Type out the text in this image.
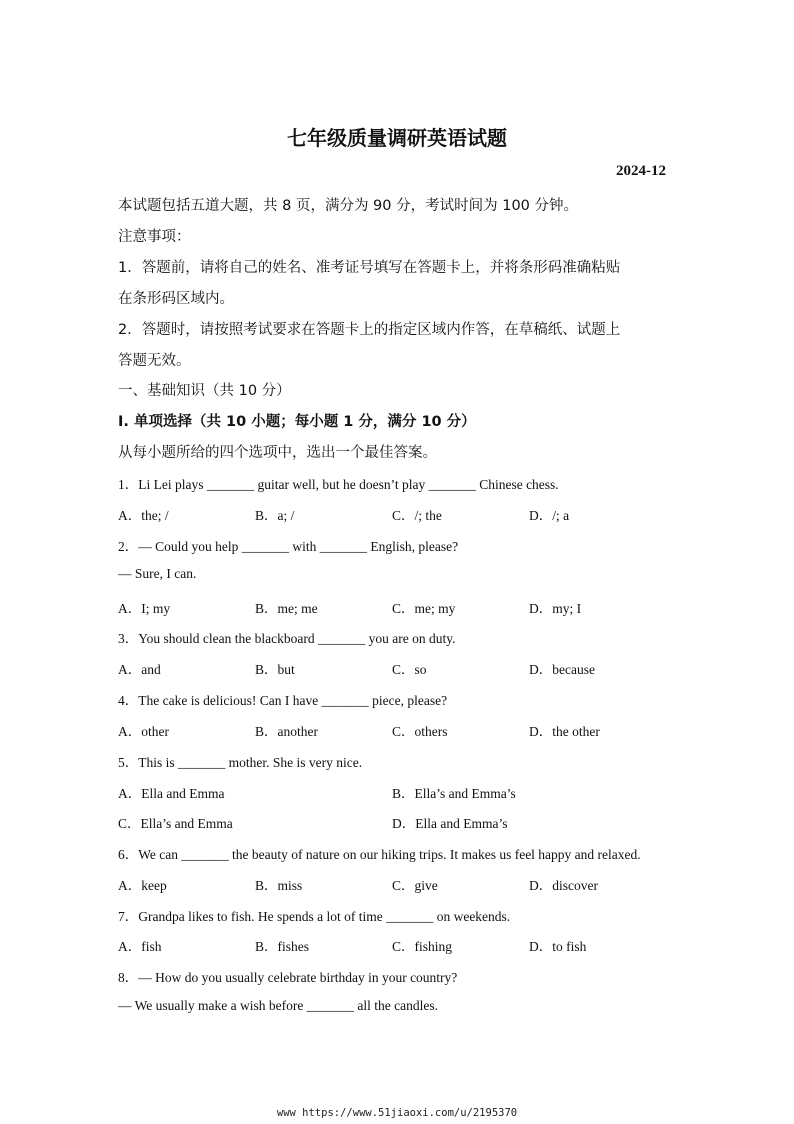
七年级质量调研英语试题
2024-12
本试题包括五道大题，共 8 页，满分为 90 分，考试时间为 100 分钟。
注意事项：
1．答题前，请将自己的姓名、准考证号填写在答题卡上，并将条形码准确粘贴
在条形码区域内。
2．答题时，请按照考试要求在答题卡上的指定区域内作答，在草稿纸、试题上
答题无效。
一、基础知识（共 10 分）
Ⅰ. 单项选择（共 10 小题；每小题 1 分，满分 10 分）
从每小题所给的四个选项中，选出一个最佳答案。
1．Li Lei plays _______ guitar well, but he doesn’t play _______ Chinese chess.
A．the; /	B．a; /	C．/; the	D．/; a
2．— Could you help _______ with _______ English, please?
— Sure, I can.
A．I; my	B．me; me	C．me; my	D．my; I
3．You should clean the blackboard _______ you are on duty.
A．and	B．but	C．so	D．because
4．The cake is delicious! Can I have _______ piece, please?
A．other	B．another	C．others	D．the other
5．This is _______ mother. She is very nice.
A．Ella and Emma	B．Ella’s and Emma’s
C．Ella’s and Emma	D．Ella and Emma’s
6．We can _______ the beauty of nature on our hiking trips. It makes us feel happy and relaxed.
A．keep	B．miss	C．give	D．discover
7．Grandpa likes to fish. He spends a lot of time _______ on weekends.
A．fish	B．fishes	C．fishing	D．to fish
8．— How do you usually celebrate birthday in your country?
— We usually make a wish before _______ all the candles.
www https://www.51jiaoxi.com/u/2195370
